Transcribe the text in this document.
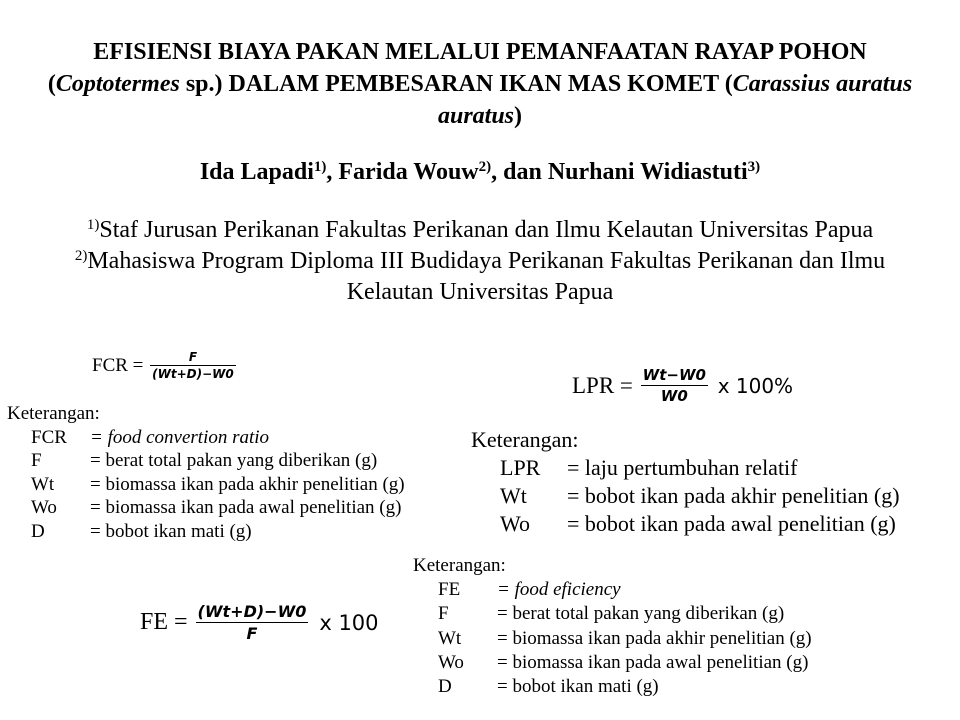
EFISIENSI BIAYA PAKAN MELALUI PEMANFAATAN RAYAP POHON
(Coptotermes sp.) DALAM PEMBESARAN IKAN MAS KOMET (Carassius auratus auratus)
Ida Lapadi$^{1)}$, Farida Wouw$^{2)}$, dan Nurhani Widiastuti$^{3)}$
$^{1)}$Staf Jurusan Perikanan Fakultas Perikanan dan Ilmu Kelautan Universitas Papua
$^{2)}$Mahasiswa Program Diploma III Budidaya Perikanan Fakultas Perikanan dan Ilmu Kelautan Universitas Papua
FCR = $\frac{F}{(Wt+D)-W0}$
Keterangan:
FCR	= food convertion ratio
F	= berat total pakan yang diberikan (g)
Wt	= biomassa ikan pada akhir penelitian (g)
Wo	= biomassa ikan pada awal penelitian (g)
D	= bobot ikan mati (g)
LPR = $\frac{Wt-W0}{W0}$ x 100%
Keterangan:
LPR	= laju pertumbuhan relatif
Wt	= bobot ikan pada akhir penelitian (g)
Wo	= bobot ikan pada awal penelitian (g)
Keterangan:
FE	= food eficiency
F	= berat total pakan yang diberikan (g)
Wt	= biomassa ikan pada akhir penelitian (g)
Wo	= biomassa ikan pada awal penelitian (g)
D	= bobot ikan mati (g)
FE = $\frac{(Wt+D)-W0}{F}$ x 100
